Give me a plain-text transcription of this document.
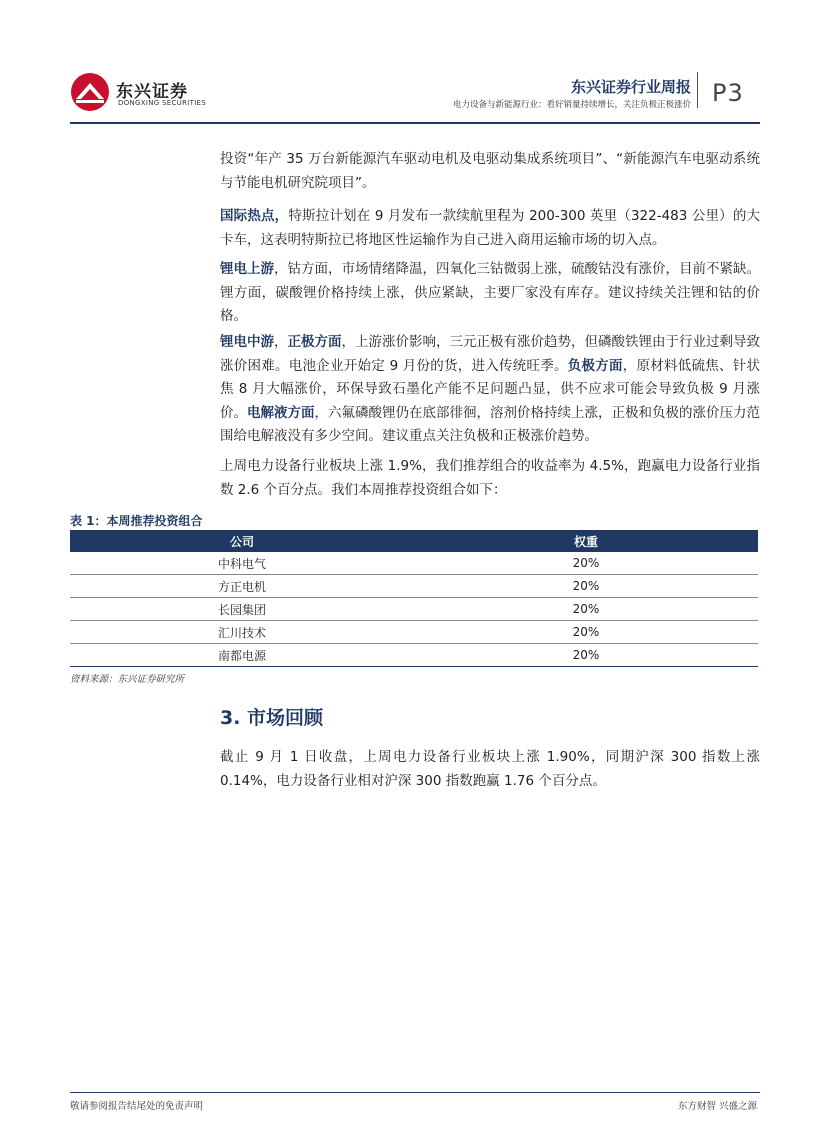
东兴证券
DONGXING SECURITIES
东兴证券行业周报
电力设备与新能源行业：看好销量持续增长，关注负极正极涨价 P3
投资“年产 35 万台新能源汽车驱动电机及电驱动集成系统项目”、“新能源汽车电驱动系统与节能电机研究院项目”。
国际热点，特斯拉计划在 9 月发布一款续航里程为 200-300 英里（322-483 公里）的大卡车，这表明特斯拉已将地区性运输作为自己进入商用运输市场的切入点。
锂电上游，钴方面，市场情绪降温，四氧化三钴微弱上涨，硫酸钴没有涨价，目前不紧缺。锂方面，碳酸锂价格持续上涨，供应紧缺，主要厂家没有库存。建议持续关注锂和钴的价格。
锂电中游，正极方面，上游涨价影响，三元正极有涨价趋势，但磷酸铁锂由于行业过剩导致涨价困难。电池企业开始定 9 月份的货，进入传统旺季。负极方面，原材料低硫焦、针状焦 8 月大幅涨价，环保导致石墨化产能不足问题凸显，供不应求可能会导致负极 9 月涨价。电解液方面，六氟磷酸锂仍在底部徘徊，溶剂价格持续上涨，正极和负极的涨价压力范围给电解液没有多少空间。建议重点关注负极和正极涨价趋势。
上周电力设备行业板块上涨 1.9%，我们推荐组合的收益率为 4.5%，跑赢电力设备行业指数 2.6 个百分点。我们本周推荐投资组合如下：
表 1：本周推荐投资组合
公司	权重
中科电气	20%
方正电机	20%
长园集团	20%
汇川技术	20%
南都电源	20%
资料来源：东兴证券研究所
3. 市场回顾
截止 9 月 1 日收盘，上周电力设备行业板块上涨 1.90%，同期沪深 300 指数上涨 0.14%，电力设备行业相对沪深 300 指数跑赢 1.76 个百分点。
敬请参阅报告结尾处的免责声明	东方财智 兴盛之源
